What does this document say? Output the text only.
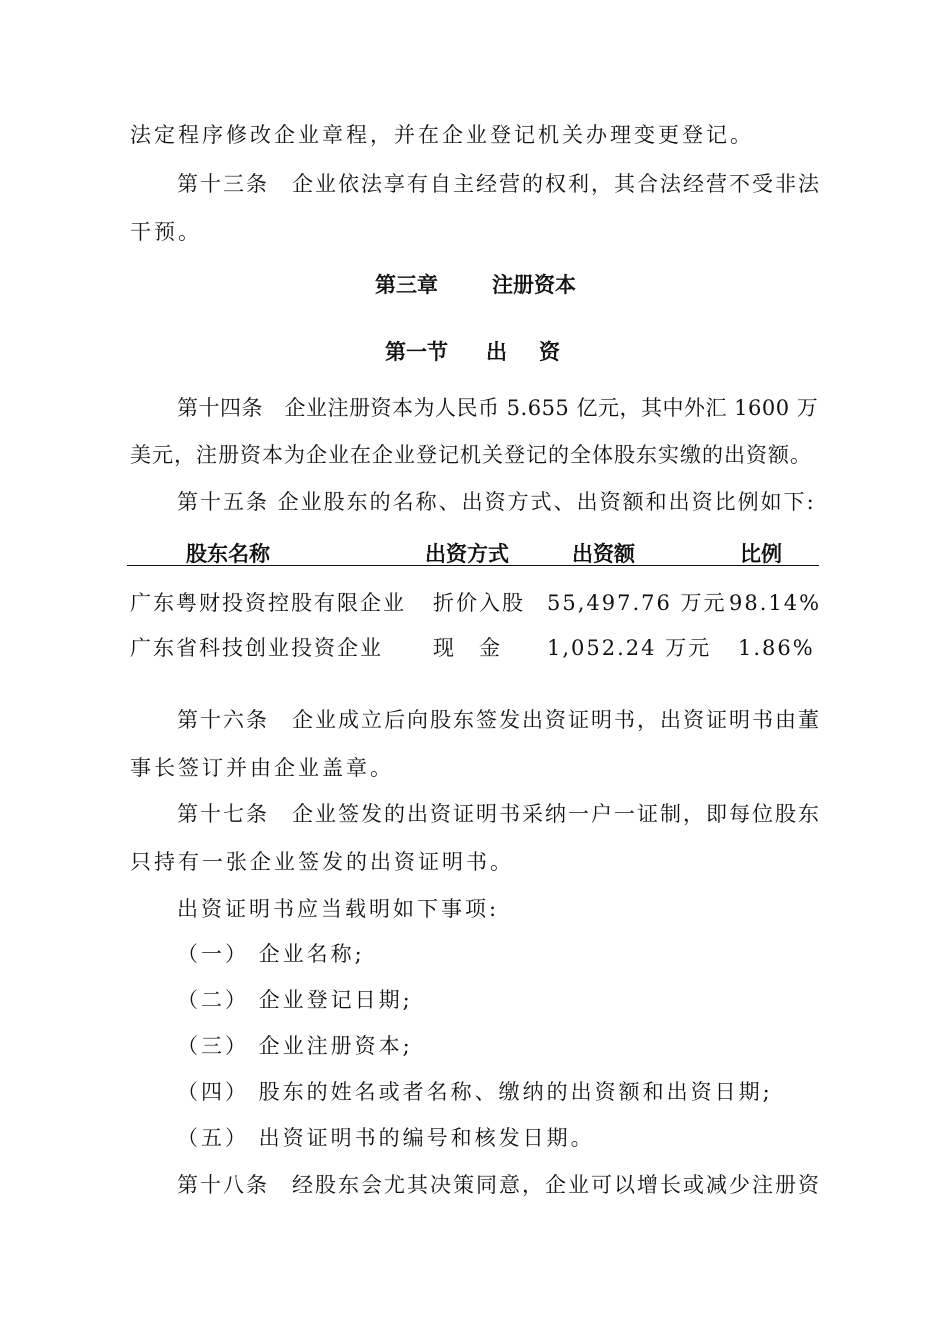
法定程序修改企业章程，并在企业登记机关办理变更登记。
第十三条　企业依法享有自主经营的权利，其合法经营不受非法
干预。
第三章	注册资本
第一节 出 资
第十四条　企业注册资本为人民币 5.655 亿元，其中外汇 1600 万
美元，注册资本为企业在企业登记机关登记的全体股东实缴的出资额。
第十五条 企业股东的名称、出资方式、出资额和出资比例如下:
股东名称	出资方式	出资额	比例
广东粤财投资控股有限企业 折价入股 55,497.76 万元 98.14%
广东省科技创业投资企业 现　金 1,052.24 万元 1.86%
第十六条　企业成立后向股东签发出资证明书，出资证明书由董
事长签订并由企业盖章。
第十七条　企业签发的出资证明书采纳一户一证制，即每位股东
只持有一张企业签发的出资证明书。
出资证明书应当载明如下事项:
（一） 企业名称;
（二） 企业登记日期;
（三） 企业注册资本;
（四） 股东的姓名或者名称、缴纳的出资额和出资日期;
（五） 出资证明书的编号和核发日期。
第十八条　经股东会尤其决策同意，企业可以增长或减少注册资
